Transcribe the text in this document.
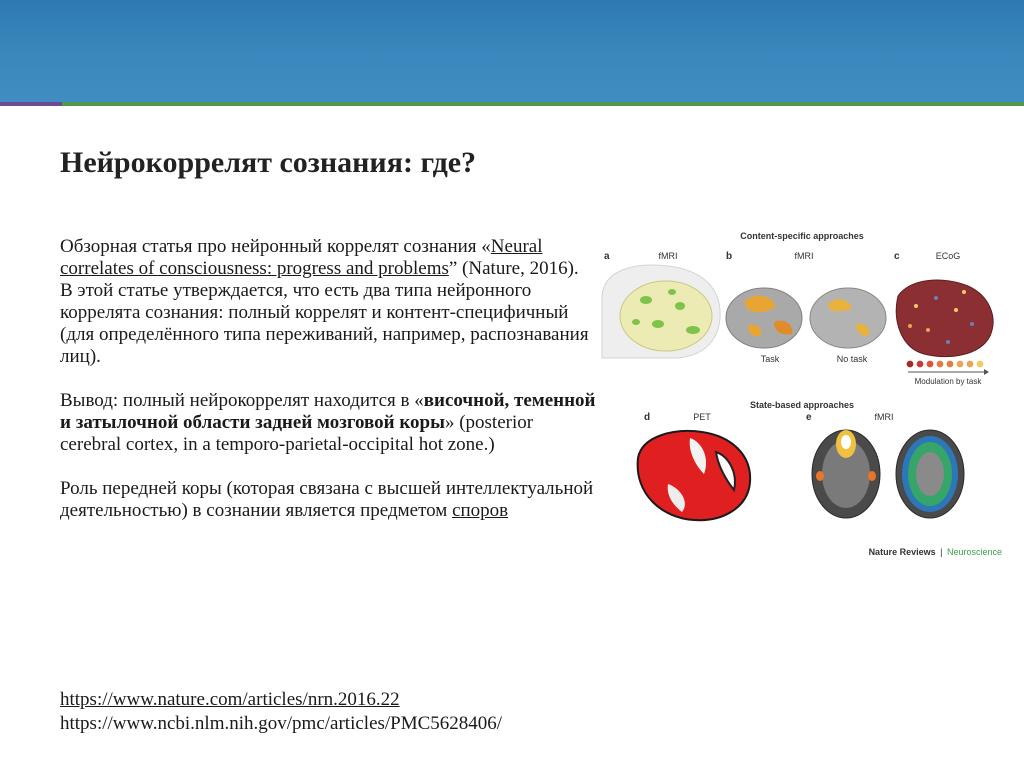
Нейрокоррелят сознания: где?

Обзорная статья про нейронный коррелят сознания «Neural correlates of consciousness: progress and problems” (Nature, 2016). В этой статье утверждается, что есть два типа нейронного коррелята сознания: полный коррелят и контент-специфичный (для определённого типа переживаний, например, распознавания лиц).

Вывод: полный нейрокоррелят находится в «височной, теменной и затылочной области задней мозговой коры» (posterior cerebral cortex, in a temporo-parietal-occipital hot zone.)

Роль передней коры (которая связана с высшей интеллектуальной деятельностью) в сознании является предметом споров

https://www.nature.com/articles/nrn.2016.22
https://www.ncbi.nlm.nih.gov/pmc/articles/PMC5628406/
Content-specific approaches
a	fMRI	b	fMRI	c	ECoG
Task	No task
Modulation by task
State-based approaches
d	PET	e	fMRI
Nature Reviews | Neuroscience
